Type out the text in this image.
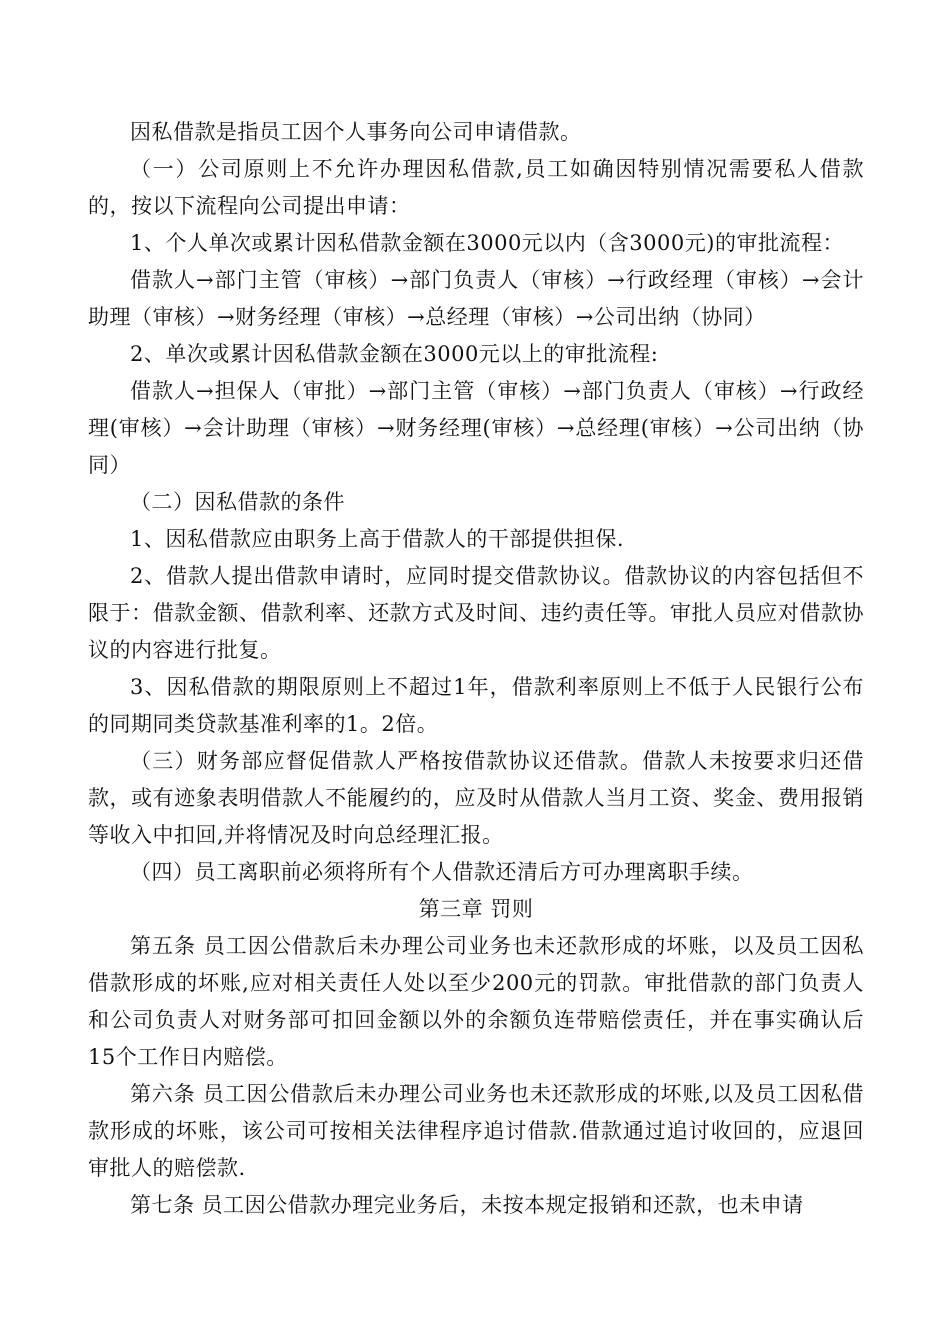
因私借款是指员工因个人事务向公司申请借款。

（一）公司原则上不允许办理因私借款,员工如确因特别情况需要私人借款的，按以下流程向公司提出申请：

1、个人单次或累计因私借款金额在3000元以内（含3000元)的审批流程：

借款人→部门主管（审核）→部门负责人（审核）→行政经理（审核）→会计助理（审核）→财务经理（审核）→总经理（审核）→公司出纳（协同）

2、单次或累计因私借款金额在3000元以上的审批流程:

借款人→担保人（审批）→部门主管（审核）→部门负责人（审核）→行政经理(审核）→会计助理（审核）→财务经理(审核）→总经理(审核）→公司出纳（协同）

（二）因私借款的条件

1、因私借款应由职务上高于借款人的干部提供担保.

2、借款人提出借款申请时，应同时提交借款协议。借款协议的内容包括但不限于：借款金额、借款利率、还款方式及时间、违约责任等。审批人员应对借款协议的内容进行批复。

3、因私借款的期限原则上不超过1年，借款利率原则上不低于人民银行公布的同期同类贷款基准利率的1。2倍。

（三）财务部应督促借款人严格按借款协议还借款。借款人未按要求归还借款，或有迹象表明借款人不能履约的，应及时从借款人当月工资、奖金、费用报销等收入中扣回,并将情况及时向总经理汇报。

（四）员工离职前必须将所有个人借款还清后方可办理离职手续。

第三章 罚则

第五条 员工因公借款后未办理公司业务也未还款形成的坏账，以及员工因私借款形成的坏账,应对相关责任人处以至少200元的罚款。审批借款的部门负责人和公司负责人对财务部可扣回金额以外的余额负连带赔偿责任，并在事实确认后15个工作日内赔偿。

第六条 员工因公借款后未办理公司业务也未还款形成的坏账,以及员工因私借款形成的坏账，该公司可按相关法律程序追讨借款.借款通过追讨收回的，应退回审批人的赔偿款.

第七条 员工因公借款办理完业务后，未按本规定报销和还款，也未申请
